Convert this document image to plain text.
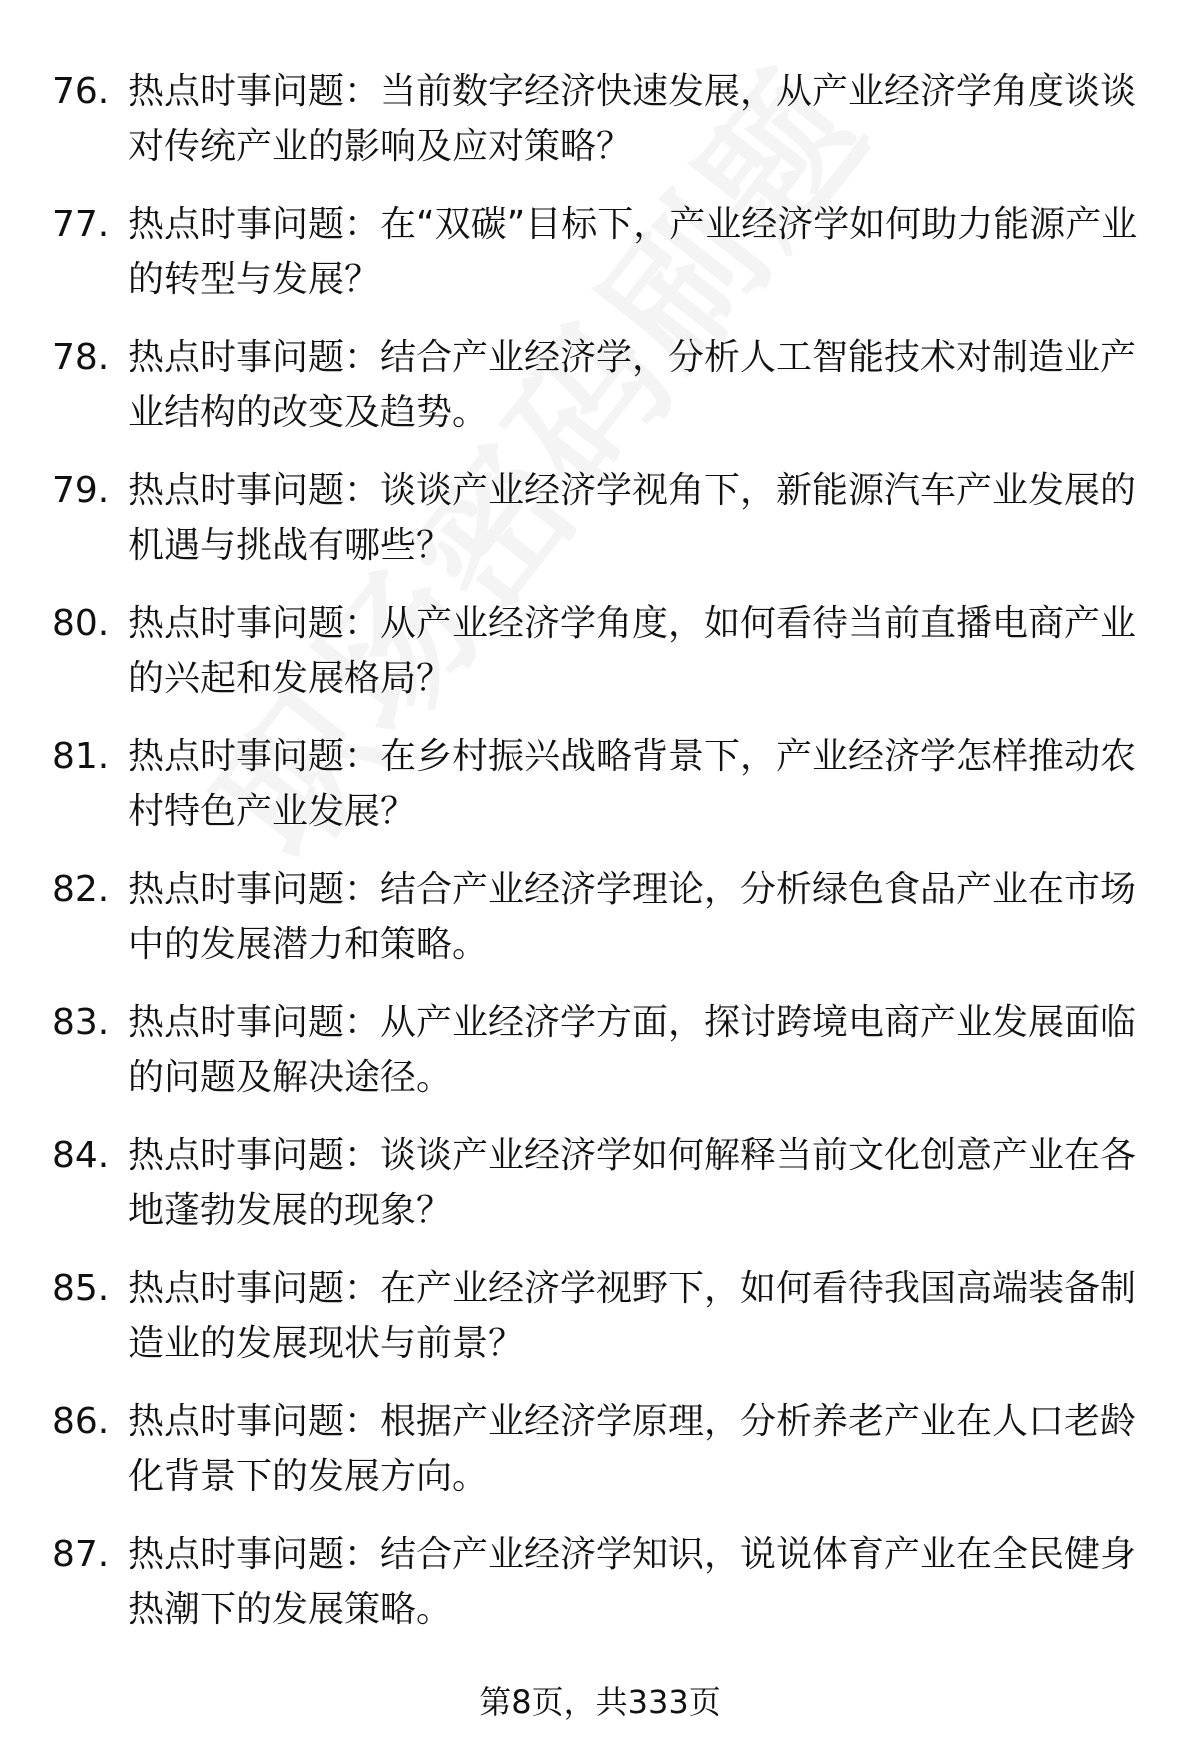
76. 热点时事问题：当前数字经济快速发展，从产业经济学角度谈谈对传统产业的影响及应对策略？
77. 热点时事问题：在“双碳”目标下，产业经济学如何助力能源产业的转型与发展？
78. 热点时事问题：结合产业经济学，分析人工智能技术对制造业产业结构的改变及趋势。
79. 热点时事问题：谈谈产业经济学视角下，新能源汽车产业发展的机遇与挑战有哪些？
80. 热点时事问题：从产业经济学角度，如何看待当前直播电商产业的兴起和发展格局？
81. 热点时事问题：在乡村振兴战略背景下，产业经济学怎样推动农村特色产业发展？
82. 热点时事问题：结合产业经济学理论，分析绿色食品产业在市场中的发展潜力和策略。
83. 热点时事问题：从产业经济学方面，探讨跨境电商产业发展面临的问题及解决途径。
84. 热点时事问题：谈谈产业经济学如何解释当前文化创意产业在各地蓬勃发展的现象？
85. 热点时事问题：在产业经济学视野下，如何看待我国高端装备制造业的发展现状与前景？
86. 热点时事问题：根据产业经济学原理，分析养老产业在人口老龄化背景下的发展方向。
87. 热点时事问题：结合产业经济学知识，说说体育产业在全民健身热潮下的发展策略。
第8页，共333页
